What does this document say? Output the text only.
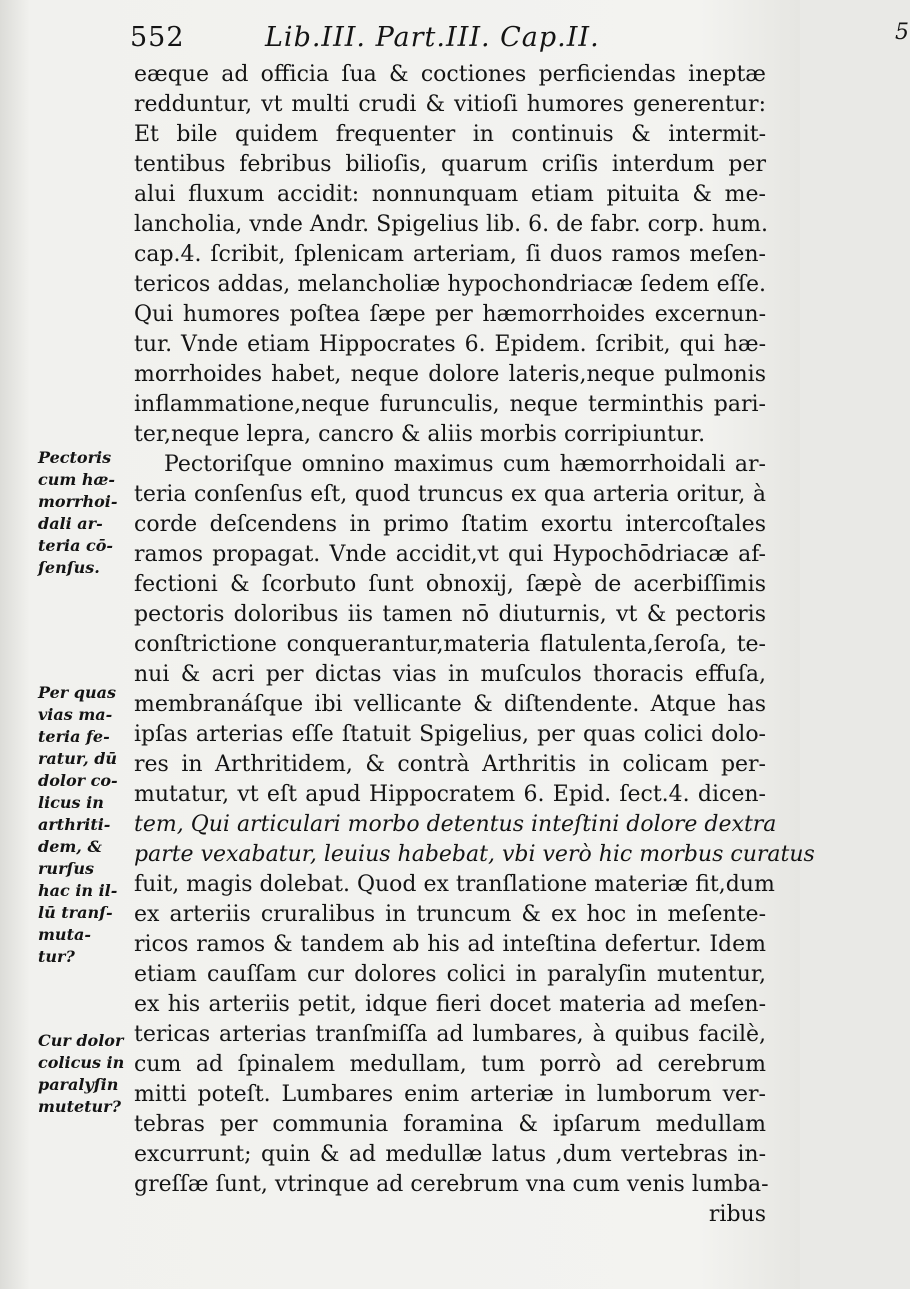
552	Lib.III. Part.III. Cap.II.	5
Pectoris
cum hæ-
morrhoi-
dali ar-
teria cō-
ſenſus.
Per quas
vias ma-
teria fe-
ratur, dū
dolor co-
licus in
arthriti-
dem, &
rurſus
hac in il-
lū tranſ-
muta-
tur?
Cur dolor
colicus in
paralyſin
mutetur?
eæque ad officia ſua & coctiones perficiendas ineptæ
redduntur, vt multi crudi & vitioſi humores generentur:
Et bile quidem frequenter in continuis & intermit-
tentibus febribus bilioſis, quarum criſis interdum per
alui fluxum accidit: nonnunquam etiam pituita & me-
lancholia, vnde Andr. Spigelius lib. 6. de fabr. corp. hum.
cap.4. ſcribit, ſplenicam arteriam, ſi duos ramos meſen-
tericos addas, melancholiæ hypochondriacæ ſedem eſſe.
Qui humores poſtea ſæpe per hæmorrhoides excernun-
tur. Vnde etiam Hippocrates 6. Epidem. ſcribit, qui hæ-
morrhoides habet, neque dolore lateris,neque pulmonis
inflammatione,neque furunculis, neque terminthis pari-
ter,neque lepra, cancro & aliis morbis corripiuntur.
Pectoriſque omnino maximus cum hæmorrhoidali ar-
teria conſenſus eſt, quod truncus ex qua arteria oritur, à
corde deſcendens in primo ſtatim exortu intercoſtales
ramos propagat. Vnde accidit,vt qui Hypochōdriacæ af-
fectioni & ſcorbuto ſunt obnoxij, ſæpè de acerbiſſimis
pectoris doloribus iis tamen nō diuturnis, vt & pectoris
conſtrictione conquerantur,materia flatulenta,ſeroſa, te-
nui & acri per dictas vias in muſculos thoracis effuſa,
membranáſque ibi vellicante & diſtendente. Atque has
ipſas arterias eſſe ſtatuit Spigelius, per quas colici dolo-
res in Arthritidem, & contrà Arthritis in colicam per-
mutatur, vt eſt apud Hippocratem 6. Epid. ſect.4. dicen-
tem, Qui articulari morbo detentus inteſtini dolore dextra
parte vexabatur, leuius habebat, vbi verò hic morbus curatus
fuit, magis dolebat. Quod ex tranſlatione materiæ fit,dum
ex arteriis cruralibus in truncum & ex hoc in meſente-
ricos ramos & tandem ab his ad inteſtina defertur. Idem
etiam cauſſam cur dolores colici in paralyſin mutentur,
ex his arteriis petit, idque fieri docet materia ad meſen-
tericas arterias tranſmiſſa ad lumbares, à quibus facilè,
cum ad ſpinalem medullam, tum porrò ad cerebrum
mitti poteſt. Lumbares enim arteriæ in lumborum ver-
tebras per communia foramina & ipſarum medullam
excurrunt; quin & ad medullæ latus ,dum vertebras in-
greſſæ ſunt, vtrinque ad cerebrum vna cum venis lumba-
ribus
